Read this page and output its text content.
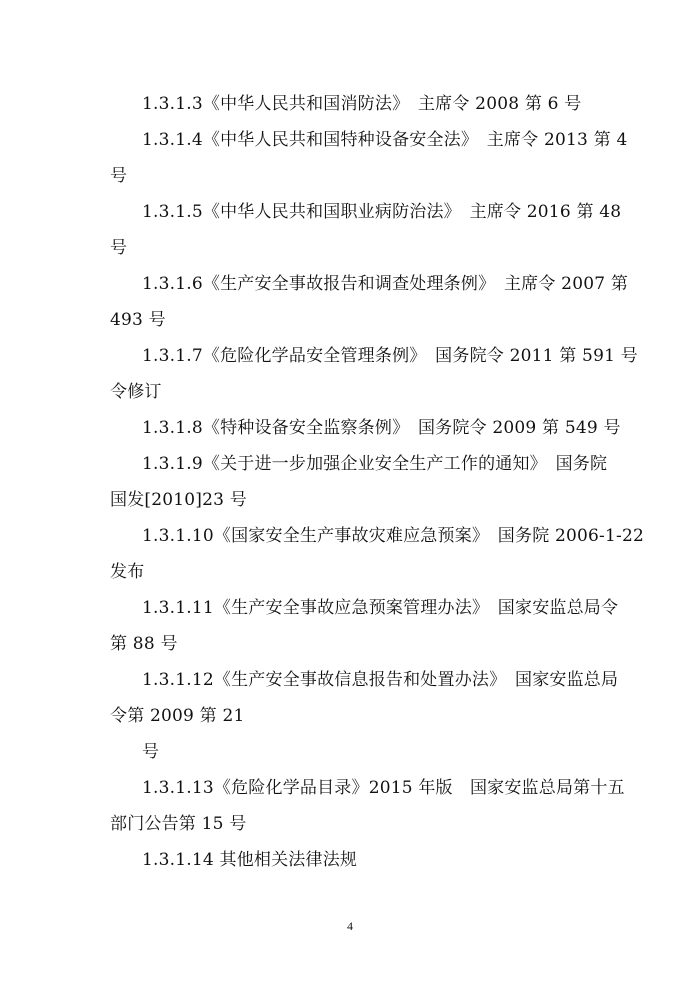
1.3.1.3《中华人民共和国消防法》　主席令 2008 第 6 号
1.3.1.4《中华人民共和国特种设备安全法》　主席令 2013 第 4
号
1.3.1.5《中华人民共和国职业病防治法》　主席令 2016 第 48
号
1.3.1.6《生产安全事故报告和调查处理条例》　主席令 2007 第
493 号
1.3.1.7《危险化学品安全管理条例》　国务院令 2011 第 591 号
令修订
1.3.1.8《特种设备安全监察条例》　国务院令 2009 第 549 号
1.3.1.9《关于进一步加强企业安全生产工作的通知》　国务院
国发[2010]23 号
1.3.1.10《国家安全生产事故灾难应急预案》　国务院 2006-1-22
发布
1.3.1.11《生产安全事故应急预案管理办法》　国家安监总局令
第 88 号
1.3.1.12《生产安全事故信息报告和处置办法》　国家安监总局
令第 2009 第 21
号
1.3.1.13《危险化学品目录》2015 年版　国家安监总局第十五
部门公告第 15 号
1.3.1.14 其他相关法律法规
4
